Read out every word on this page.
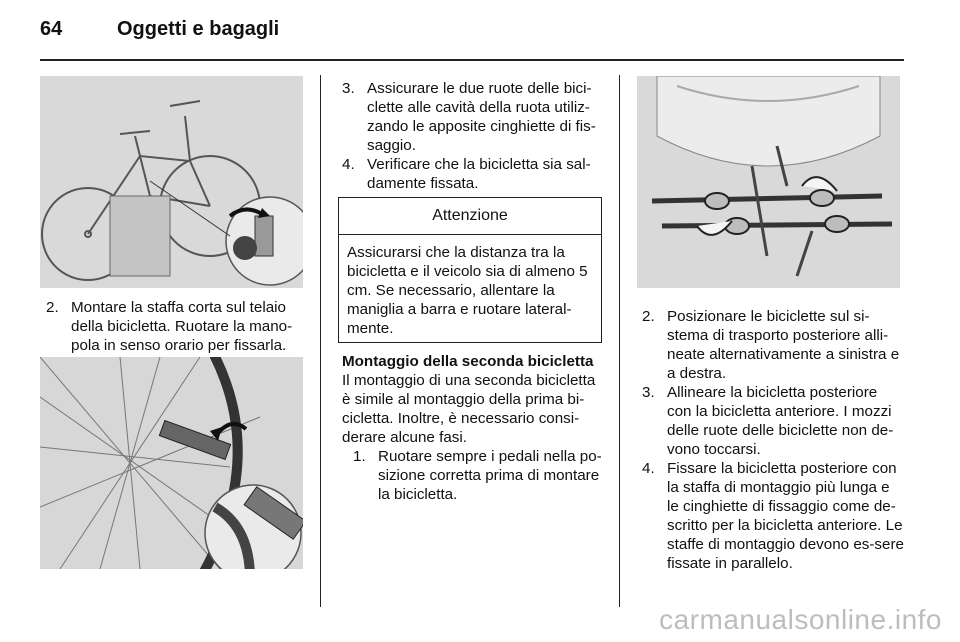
64	Oggetti e bagagli
2. Montare la staffa corta sul telaio della bicicletta. Ruotare la mano-pola in senso orario per fissarla.
3. Assicurare le due ruote delle bici-clette alle cavità della ruota utiliz-zando le apposite cinghiette di fis-saggio.
4. Verificare che la bicicletta sia sal-damente fissata.
Attenzione
Assicurarsi che la distanza tra la bicicletta e il veicolo sia di almeno 5 cm. Se necessario, allentare la maniglia a barra e ruotare lateral-mente.
Montaggio della seconda bicicletta
Il montaggio di una seconda bicicletta è simile al montaggio della prima bi-cicletta. Inoltre, è necessario consi-derare alcune fasi.
1. Ruotare sempre i pedali nella po-sizione corretta prima di montare la bicicletta.
2. Posizionare le biciclette sul si-stema di trasporto posteriore alli-neate alternativamente a sinistra e a destra.
3. Allineare la bicicletta posteriore con la bicicletta anteriore. I mozzi delle ruote delle biciclette non de-vono toccarsi.
4. Fissare la bicicletta posteriore con la staffa di montaggio più lunga e le cinghiette di fissaggio come de-scritto per la bicicletta anteriore. Le staffe di montaggio devono es-sere fissate in parallelo.
carmanualsonline.info
